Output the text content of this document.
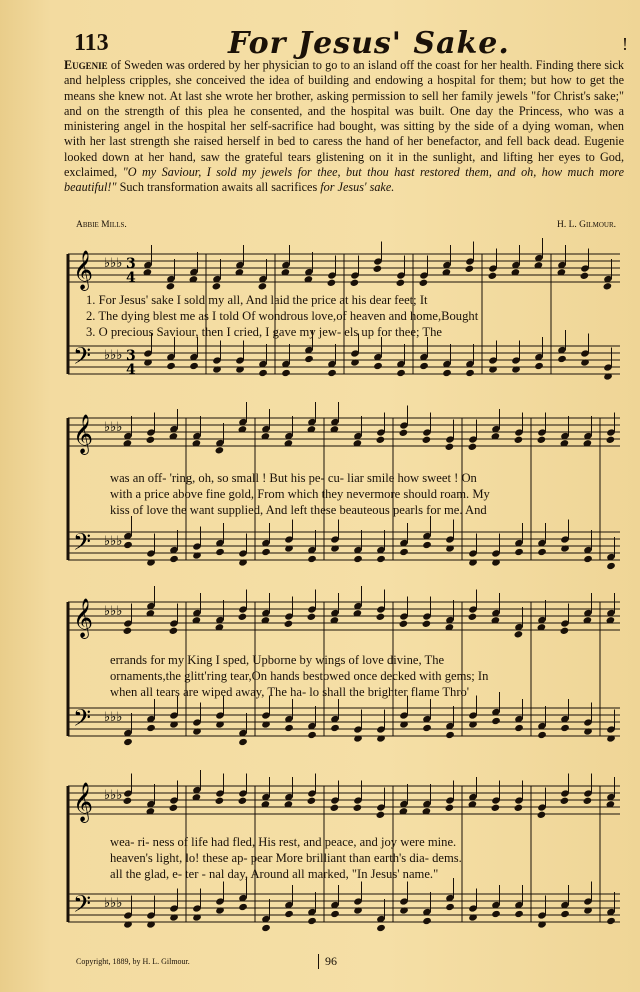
113	For Jesus' Sake.	!

Eugenie of Sweden was ordered by her physician to go to an island off the coast for her health. Finding there sick and helpless cripples, she conceived the idea of building and endowing a hospital for them; but how to get the means she knew not. At last she wrote her brother, asking permission to sell her family jewels "for Christ's sake;" and on the strength of this plea he consented, and the hospital was built. One day the Princess, who was a ministering angel in the hospital her self-sacrifice had bought, was sitting by the side of a dying woman, when with her last strength she raised herself in bed to caress the hand of her benefactor, and fell back dead. Eugenie looked down at her hand, saw the grateful tears glistening on it in the sunlight, and lifting her eyes to God, exclaimed, "O my Saviour, I sold my jewels for thee, but thou hast restored them, and oh, how much more beautiful!" Such transformation awaits all sacrifices for Jesus' sake.

Abbie Mills.	H. L. Gilmour.
𝄞
𝄢
♭♭♭
♭♭♭
3
4
3
4
1. For Jesus' sake I sold my all, And laid the price at his dear feet; It
2. The dying blest me as I told Of wondrous love,of heaven and home,Bought
3. O precious Saviour, then I cried, I gave my jew- els up for thee; The
𝄞
𝄢
♭♭♭
♭♭♭
was an off- 'ring, oh, so small ! But his pe- cu- liar smile how sweet ! On
with a price above fine gold, From which they nevermore should roam. My
kiss of love the want supplied, And left these beauteous pearls for me. And
𝄞
𝄢
♭♭♭
♭♭♭
errands for my King I sped, Upborne by wings of love divine, The
ornaments,the glitt'ring tear,On hands bestowed once decked with gems; In
when all tears are wiped away, The ha- lo shall the brighter flame Thro'
𝄞
𝄢
♭♭♭
♭♭♭
wea- ri- ness of life had fled, His rest, and peace, and joy were mine.
heaven's light, lo! these ap- pear More brilliant than earth's dia- dems.
all the glad, e- ter - nal day, Around all marked, "In Jesus' name."
Copyright, 1889, by H. L. Gilmour.	96
